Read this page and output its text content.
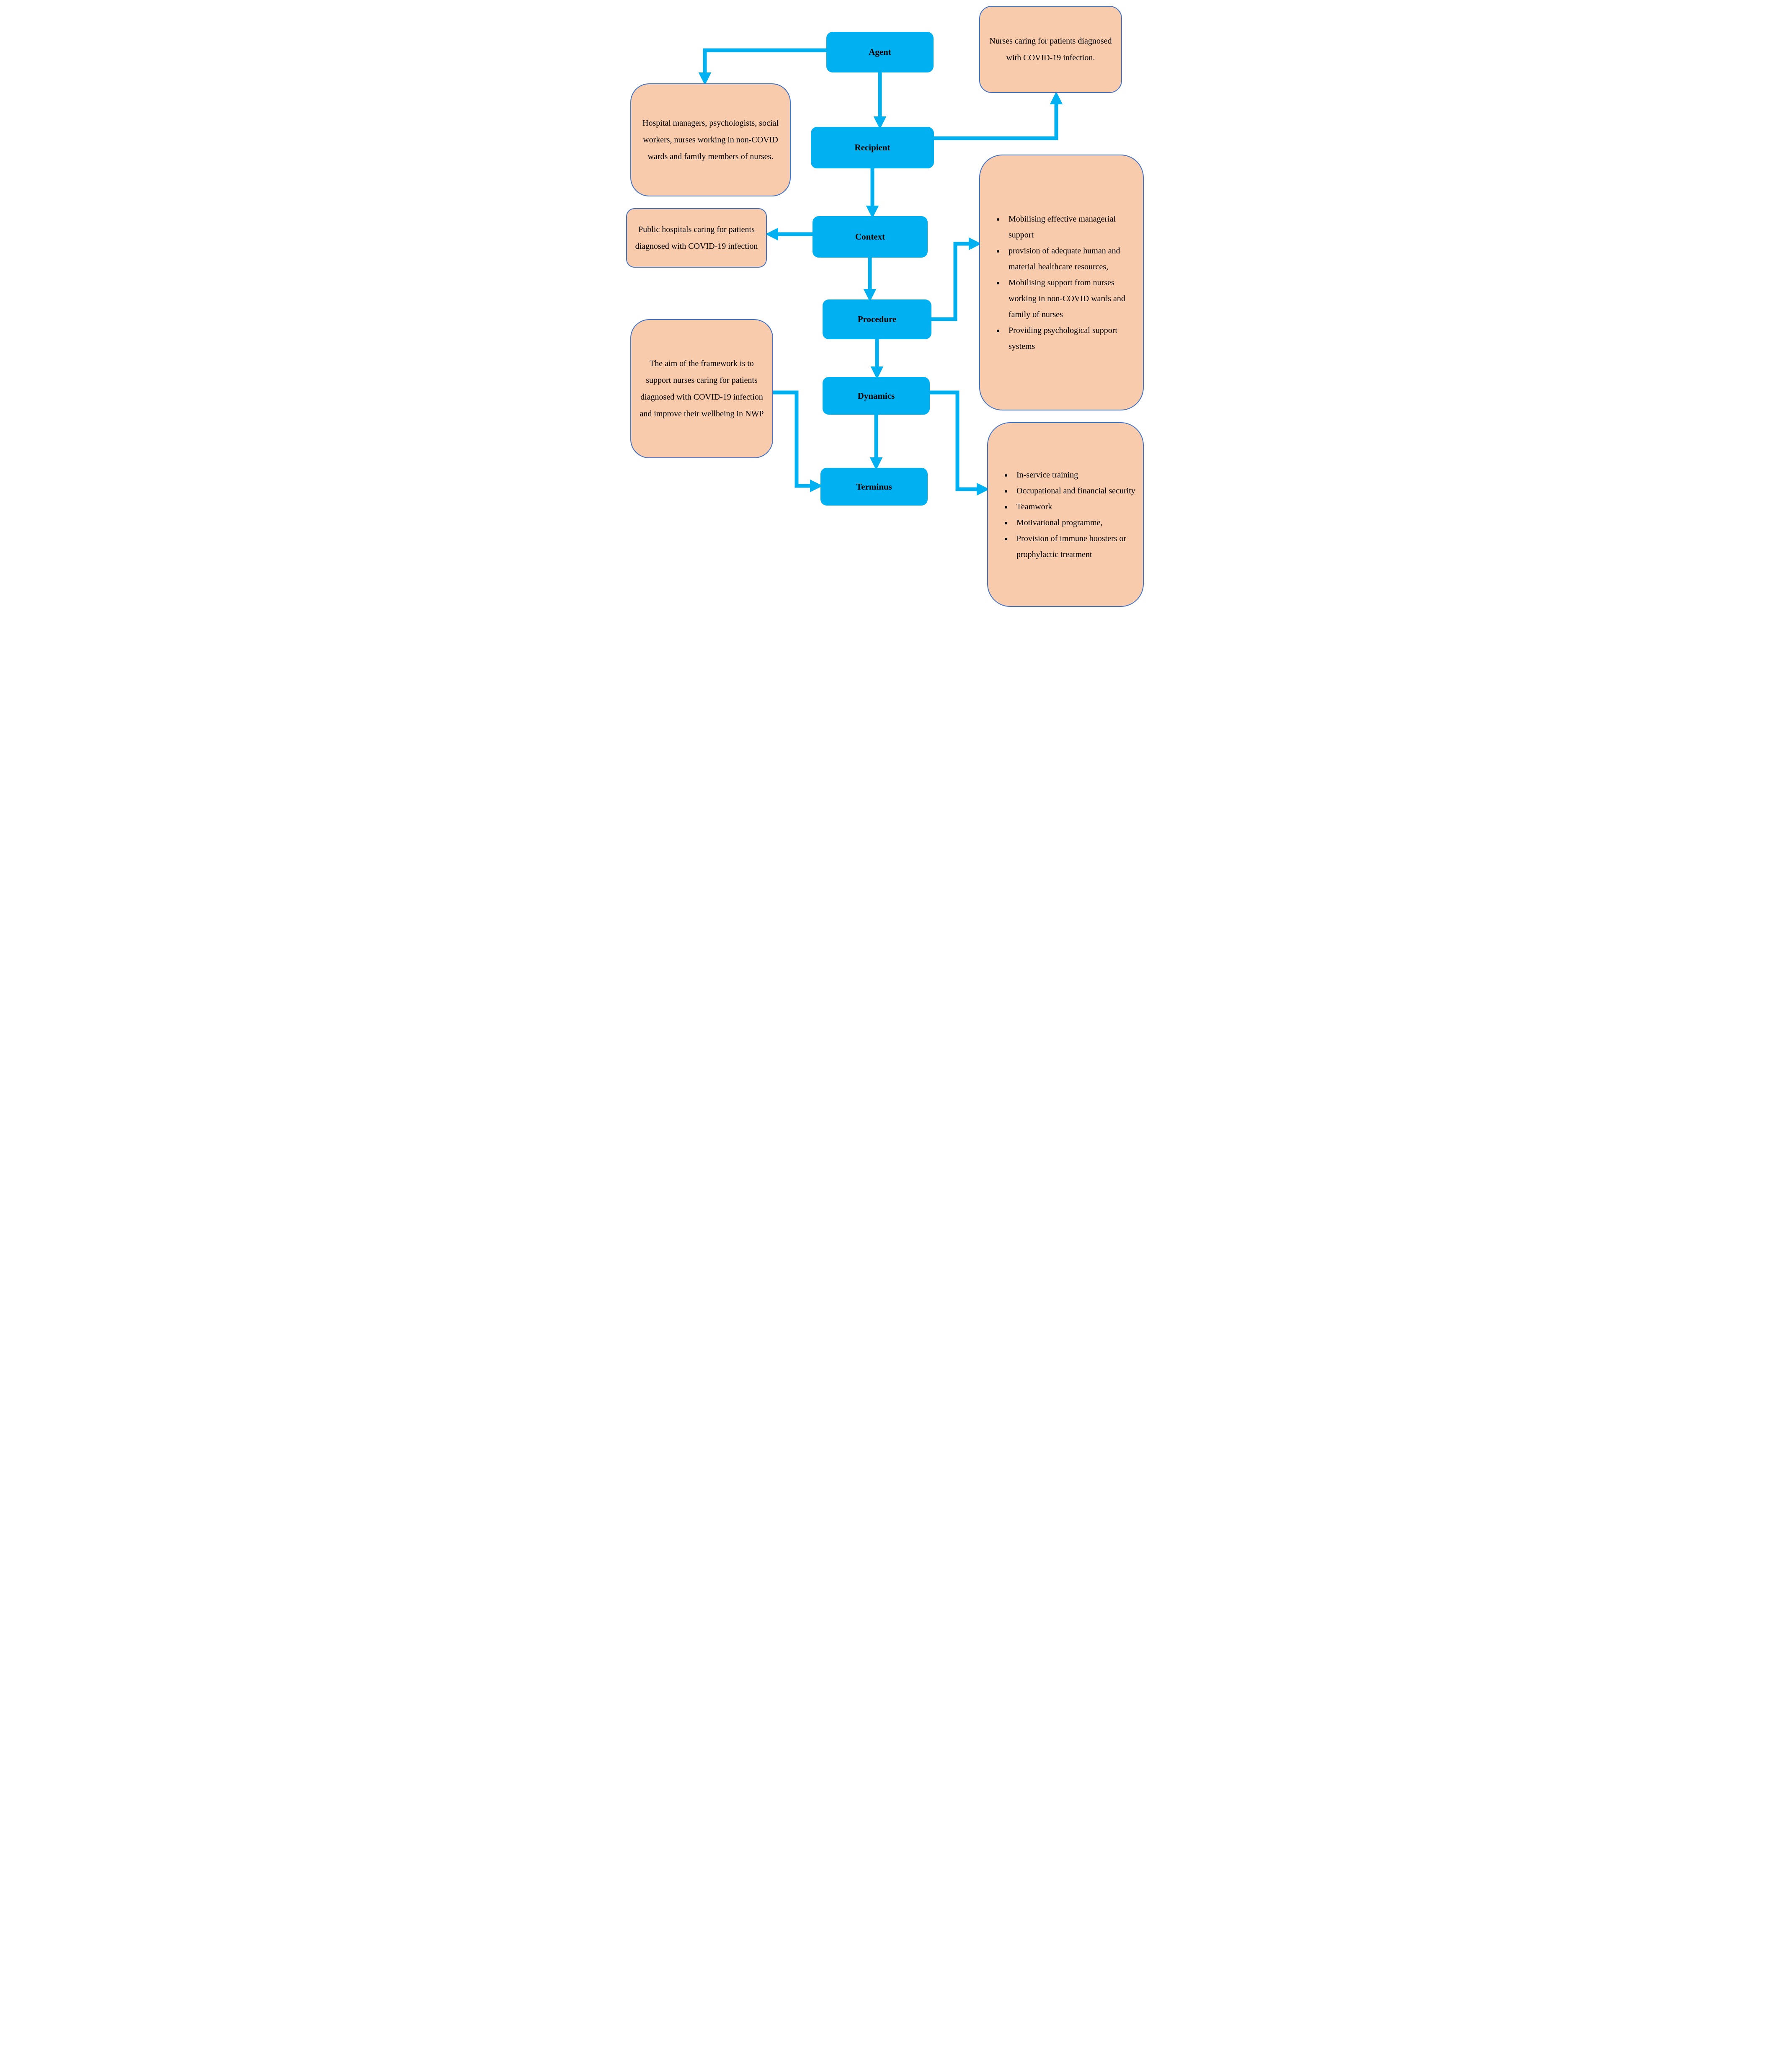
Agent
Recipient
Context
Procedure
Dynamics
Terminus
Nurses caring for patients diagnosed with COVID-19 infection.
Hospital managers, psychologists, social workers, nurses working in non-COVID wards and family members of nurses.
Public hospitals caring for patients diagnosed with COVID-19 infection
The aim of the framework is to support nurses caring for patients diagnosed with COVID-19 infection and improve their wellbeing in NWP
• Mobilising effective managerial support
• provision of adequate human and material healthcare resources,
• Mobilising support from nurses working in non-COVID wards and family of nurses
• Providing psychological support systems
• In-service training
• Occupational and financial security
• Teamwork
• Motivational programme,
• Provision of immune boosters or prophylactic treatment
